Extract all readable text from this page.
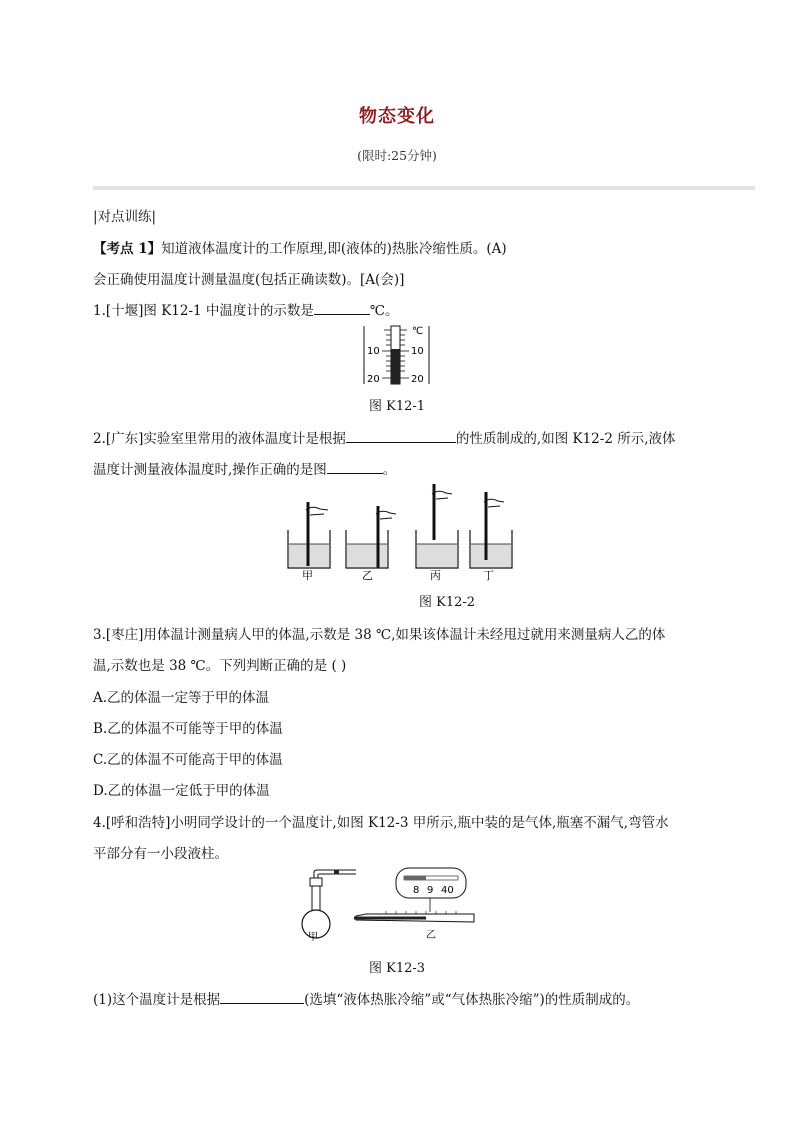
物态变化
(限时:25分钟)
|对点训练|
【考点 1】知道液体温度计的工作原理,即(液体的)热胀冷缩性质。(A)
会正确使用温度计测量温度(包括正确读数)。[A(会)]
1.[十堰]图 K12-1 中温度计的示数是	℃。
℃
10
20
10
20
图 K12-1
2.[广东]实验室里常用的液体温度计是根据	的性质制成的,如图 K12-2 所示,液体
温度计测量液体温度时,操作正确的是图	。
甲	乙	丙	丁
图 K12-2
3.[枣庄]用体温计测量病人甲的体温,示数是 38 ℃,如果该体温计未经甩过就用来测量病人乙的体
温,示数也是 38 ℃。下列判断正确的是 ( )
A.乙的体温一定等于甲的体温
B.乙的体温不可能等于甲的体温
C.乙的体温不可能高于甲的体温
D.乙的体温一定低于甲的体温
4.[呼和浩特]小明同学设计的一个温度计,如图 K12-3 甲所示,瓶中装的是气体,瓶塞不漏气,弯管水
平部分有一小段液柱。
甲
8 9 40
乙
图 K12-3
(1)这个温度计是根据	(选填“液体热胀冷缩”或“气体热胀冷缩”)的性质制成的。
